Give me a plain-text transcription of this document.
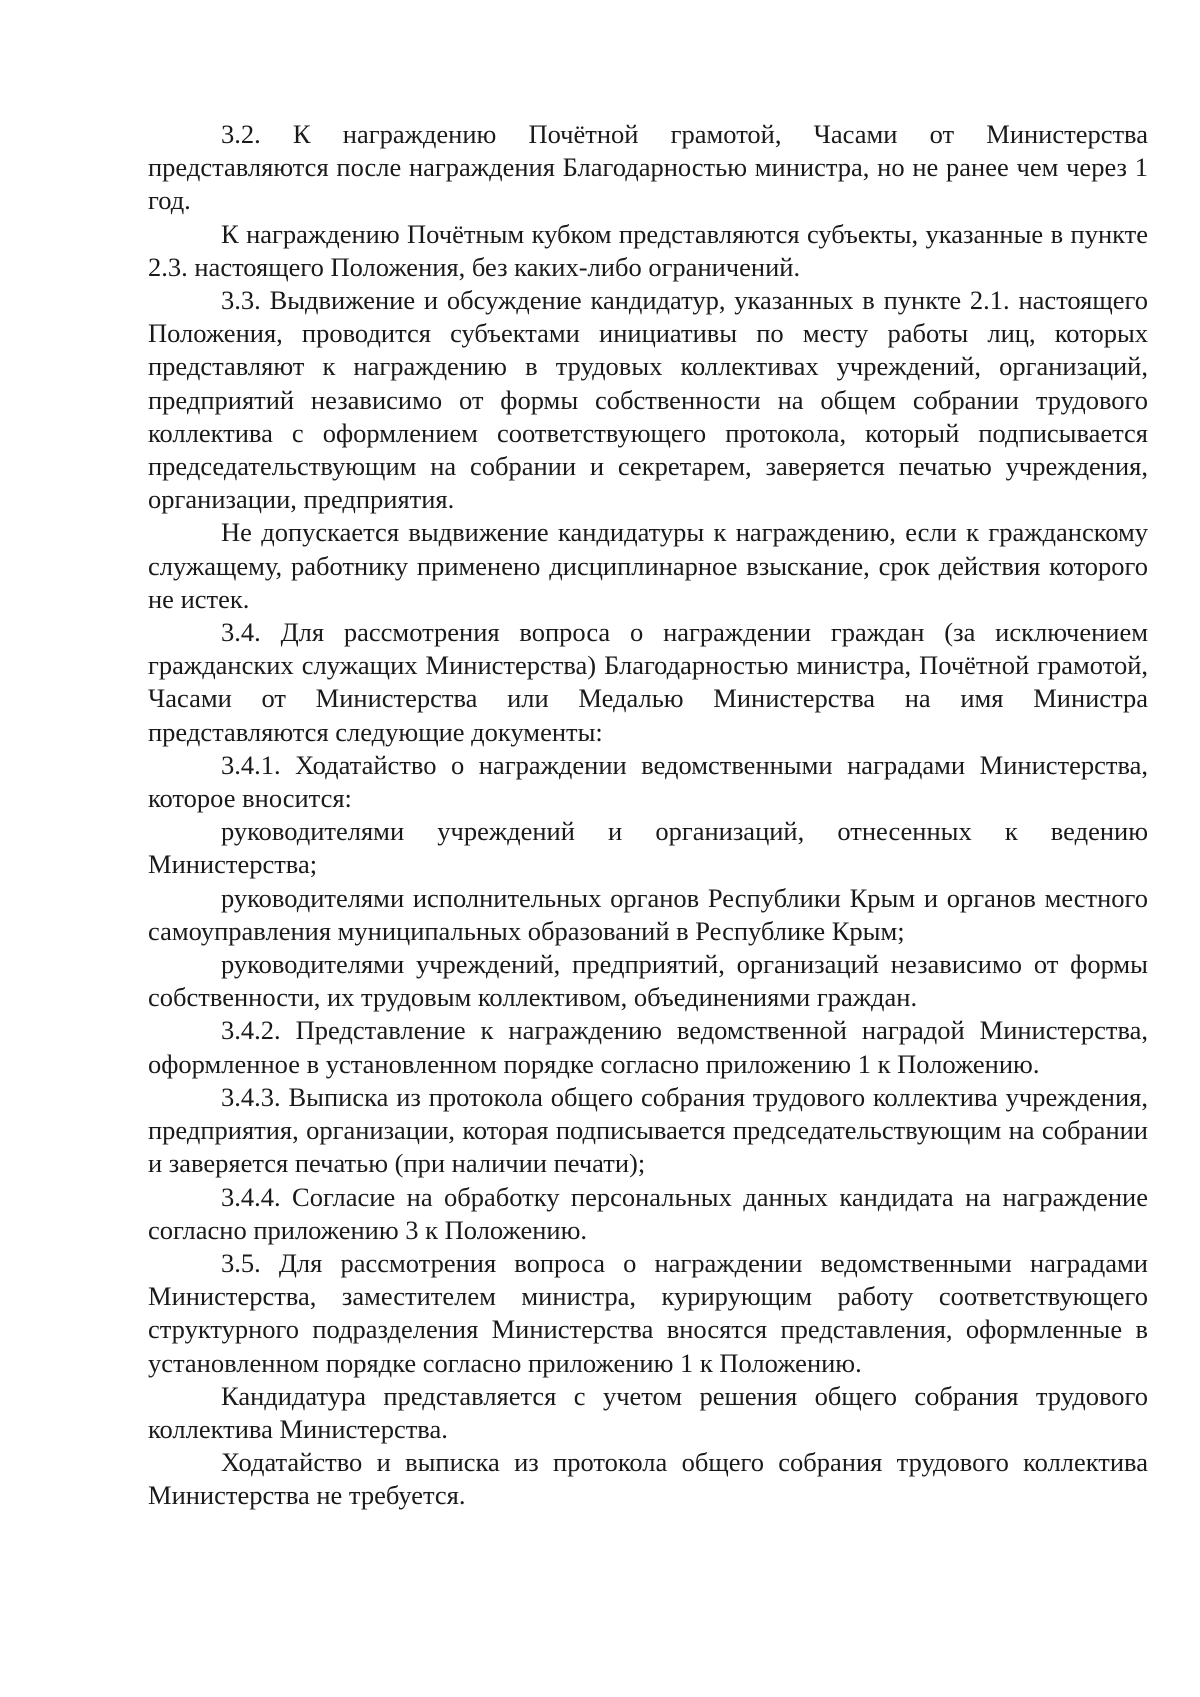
3.2. К награждению Почётной грамотой, Часами от Министерства представляются после награждения Благодарностью министра, но не ранее чем через 1 год.

К награждению Почётным кубком представляются субъекты, указанные в пункте 2.3. настоящего Положения, без каких-либо ограничений.

3.3. Выдвижение и обсуждение кандидатур, указанных в пункте 2.1. настоящего Положения, проводится субъектами инициативы по месту работы лиц, которых представляют к награждению в трудовых коллективах учреждений, организаций, предприятий независимо от формы собственности на общем собрании трудового коллектива с оформлением соответствующего протокола, который подписывается председательствующим на собрании и секретарем, заверяется печатью учреждения, организации, предприятия.

Не допускается выдвижение кандидатуры к награждению, если к гражданскому служащему, работнику применено дисциплинарное взыскание, срок действия которого не истек.

3.4. Для рассмотрения вопроса о награждении граждан (за исключением гражданских служащих Министерства) Благодарностью министра, Почётной грамотой, Часами от Министерства или Медалью Министерства на имя Министра представляются следующие документы:

3.4.1. Ходатайство о награждении ведомственными наградами Министерства, которое вносится:

руководителями учреждений и организаций, отнесенных к ведению Министерства;

руководителями исполнительных органов Республики Крым и органов местного самоуправления муниципальных образований в Республике Крым;

руководителями учреждений, предприятий, организаций независимо от формы собственности, их трудовым коллективом, объединениями граждан.

3.4.2. Представление к награждению ведомственной наградой Министерства, оформленное в установленном порядке согласно приложению 1 к Положению.

3.4.3. Выписка из протокола общего собрания трудового коллектива учреждения, предприятия, организации, которая подписывается председательствующим на собрании и заверяется печатью (при наличии печати);

3.4.4. Согласие на обработку персональных данных кандидата на награждение согласно приложению 3 к Положению.

3.5. Для рассмотрения вопроса о награждении ведомственными наградами Министерства, заместителем министра, курирующим работу соответствующего структурного подразделения Министерства вносятся представления, оформленные в установленном порядке согласно приложению 1 к Положению.

Кандидатура представляется с учетом решения общего собрания трудового коллектива Министерства.

Ходатайство и выписка из протокола общего собрания трудового коллектива Министерства не требуется.
